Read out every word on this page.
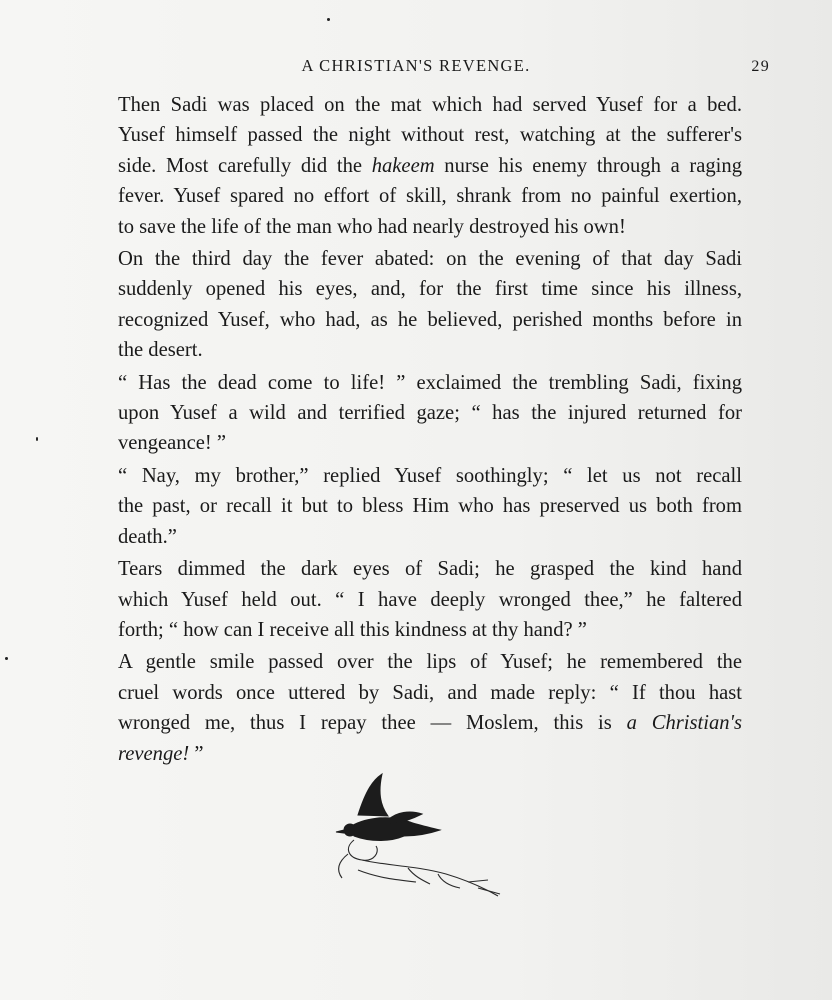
A CHRISTIAN'S REVENGE.	29

Then Sadi was placed on the mat which had served Yusef for a bed.
Yusef himself passed the night without rest, watching at the sufferer's
side. Most carefully did the hakeem nurse his enemy through a raging
fever. Yusef spared no effort of skill, shrank from no painful exertion,
to save the life of the man who had nearly destroyed his own!

On the third day the fever abated: on the evening of that day Sadi
suddenly opened his eyes, and, for the first time since his illness,
recognized Yusef, who had, as he believed, perished months before in
the desert.

“ Has the dead come to life! ” exclaimed the trembling Sadi, fixing
upon Yusef a wild and terrified gaze; “ has the injured returned for
vengeance! ”

“ Nay, my brother,” replied Yusef soothingly; “ let us not recall
the past, or recall it but to bless Him who has preserved us both from
death.”

Tears dimmed the dark eyes of Sadi; he grasped the kind hand
which Yusef held out. “ I have deeply wronged thee,” he faltered
forth; “ how can I receive all this kindness at thy hand? ”

A gentle smile passed over the lips of Yusef; he remembered the
cruel words once uttered by Sadi, and made reply: “ If thou hast
wronged me, thus I repay thee — Moslem, this is a Christian's
revenge! ”
